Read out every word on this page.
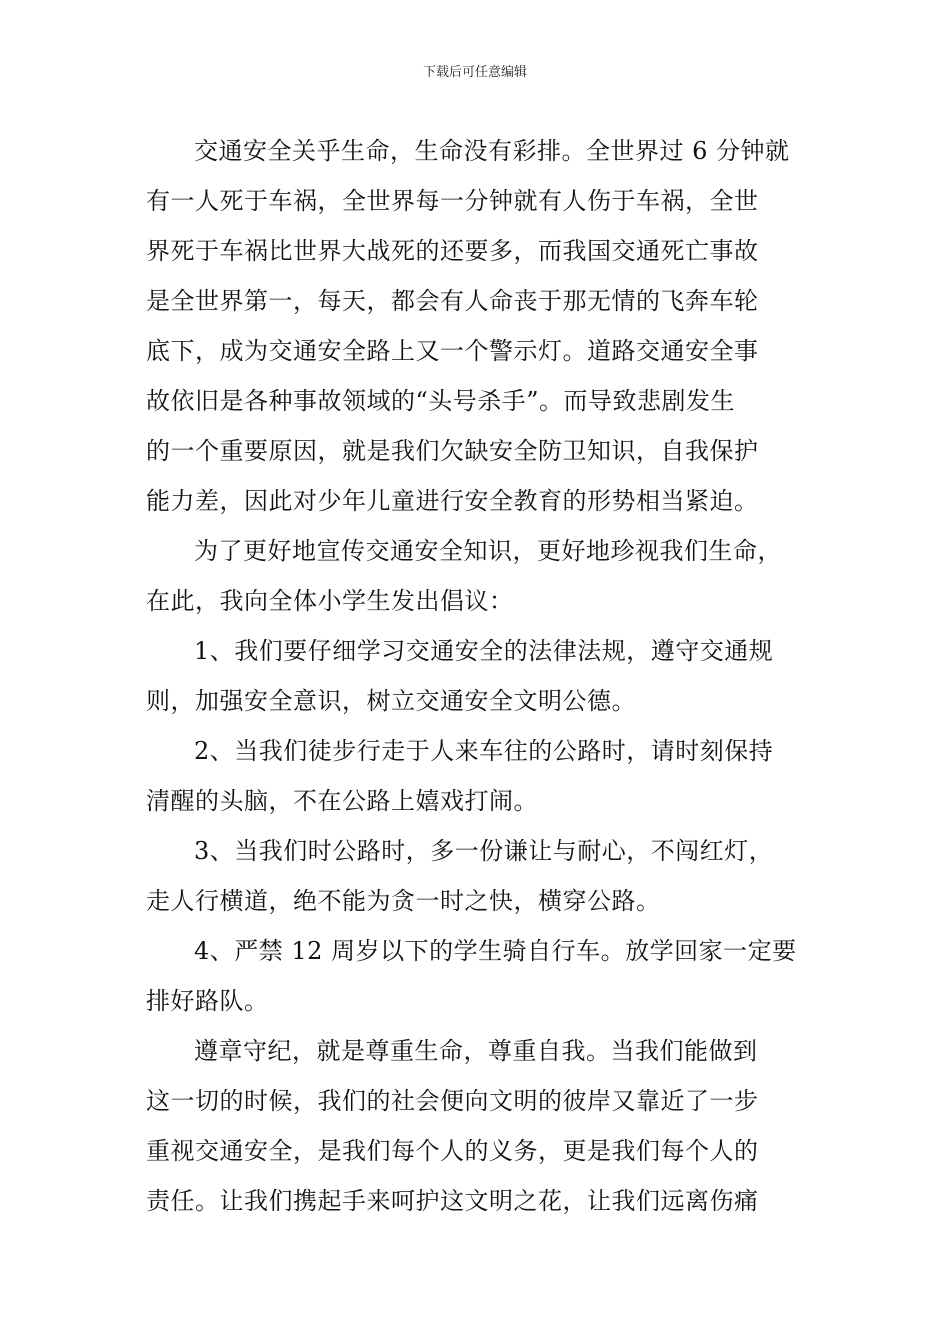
下载后可任意编辑
交通安全关乎生命，生命没有彩排。全世界过 6 分钟就
有一人死于车祸，全世界每一分钟就有人伤于车祸，全世
界死于车祸比世界大战死的还要多，而我国交通死亡事故
是全世界第一，每天，都会有人命丧于那无情的飞奔车轮
底下，成为交通安全路上又一个警示灯。道路交通安全事
故依旧是各种事故领域的“头号杀手”。而导致悲剧发生
的一个重要原因，就是我们欠缺安全防卫知识，自我保护
能力差，因此对少年儿童进行安全教育的形势相当紧迫。
为了更好地宣传交通安全知识，更好地珍视我们生命，
在此，我向全体小学生发出倡议：
1、我们要仔细学习交通安全的法律法规，遵守交通规
则，加强安全意识，树立交通安全文明公德。
2、当我们徒步行走于人来车往的公路时，请时刻保持
清醒的头脑，不在公路上嬉戏打闹。
3、当我们时公路时，多一份谦让与耐心，不闯红灯，
走人行横道，绝不能为贪一时之快，横穿公路。
4、严禁 12 周岁以下的学生骑自行车。放学回家一定要
排好路队。
遵章守纪，就是尊重生命，尊重自我。当我们能做到
这一切的时候，我们的社会便向文明的彼岸又靠近了一步
重视交通安全，是我们每个人的义务，更是我们每个人的
责任。让我们携起手来呵护这文明之花，让我们远离伤痛
